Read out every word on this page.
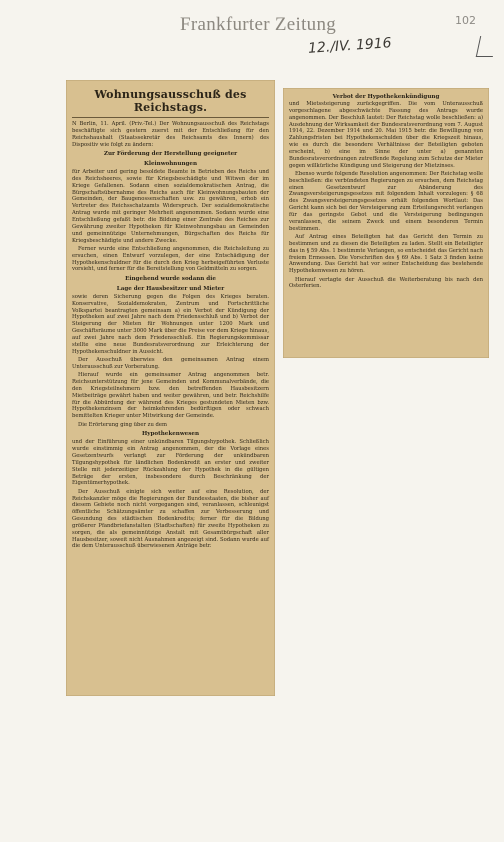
Frankfurter Zeitung
12./IV. 1916
102
Wohnungsausschuß des Reichstags.

N Berlin, 11. April. (Priv.-Tel.) Der Wohnungsausschuß des Reichstags beschäftigte sich gestern zuerst mit der Entschließung für den Reichshaushalt (Staatssekretär des Reichsamts des Innern) des Dispositiv wie folgt zu ändern:

Zur Förderung der Herstellung geeigneter
Kleinwohnungen

für Arbeiter und gering besoldete Beamte in Betrieben des Reichs und des Reichsheeres, sowie für Kriegsbeschädigte und Witwen der im Kriege Gefallenen. Sodann einen sozialdemokratischen Antrag, die Bürgschaftsübernahme des Reichs auch für Kleinwohnungsbauten der Gemeinden, der Baugenossenschaften usw. zu gewähren, erhob ein Vertreter des Reichsschatzamts Widerspruch. Der sozialdemokratische Antrag wurde mit geringer Mehrheit angenommen. Sodann wurde eine Entschließung gefaßt betr. die Bildung einer Zentrale des Reiches zur Gewährung zweiter Hypotheken für Kleinwohnungsbau an Gemeinden und gemeinnützige Unternehmungen, Bürgschaften des Reichs für Kriegsbeschädigte und andere Zwecke.

Ferner wurde eine Entschließung angenommen, die Reichsleitung zu ersuchen, einen Entwurf vorzulegen, der eine Entschädigung der Hypothekenschuldner für die durch den Krieg herbeigeführten Verluste vorsieht, und ferner für die Bereitstellung von Geldmitteln zu sorgen.

Eingehend wurde sodann die
Lage der Hausbesitzer und Mieter

sowie deren Sicherung gegen die Folgen des Krieges beraten. Konservative, Sozialdemokraten, Zentrum und Fortschrittliche Volkspartei beantragten gemeinsam a) ein Verbot der Kündigung der Hypotheken auf zwei Jahre nach dem Friedensschluß und b) Verbot der Steigerung der Mieten für Wohnungen unter 1200 Mark und Geschäftsräume unter 3000 Mark über die Preise vor dem Kriege hinaus, auf zwei Jahre nach dem Friedensschluß. Ein Regierungskommissar stellte eine neue Bundesratsverordnung zur Erleichterung der Hypothekenschuldner in Aussicht.

Der Ausschuß überwies den gemeinsamen Antrag einem Unterausschuß zur Vorberatung.

Hierauf wurde ein gemeinsamer Antrag angenommen betr. Reichsunterstützung für jene Gemeinden und Kommunalverbände, die den Kriegsteilnehmern bzw. den betreffenden Hausbesitzern Mietbeiträge gewährt haben und weiter gewähren, und betr. Reichshilfe für die Abbürdung der während des Krieges gestundeten Mieten bzw. Hypothekenzinsen der heimkehrenden bedürftigen oder schwach bemittelten Krieger unter Mitwirkung der Gemeinde.

Die Erörterung ging über zu dem

Hypothekenwesen

und der Einführung einer unkündbaren Tilgungshypothek. Schließlich wurde einstimmig ein Antrag angenommen, der die Vorlage eines Gesetzentwurfs verlangt zur Förderung der unkündbaren Tilgungshypothek für ländlichen Bodenkredit an erster und zweiter Stelle mit jederzeitiger Rückzahlung der Hypothek in die gültigen Beträge der ersten, insbesondere durch Beschränkung der Eigentümerhypothek.

Der Ausschuß einigte sich weiter auf eine Resolution, der Reichskanzler möge die Regierungen der Bundesstaaten, die bisher auf diesem Gebiete noch nicht vorgegangen sind, veranlassen, schleunigst öffentliche Schätzungsämter zu schaffen zur Verbesserung und Gesundung des städtischen Bodenkredits; ferner für die Bildung größerer Pfandbriefanstalten (Stadtschaften) für zweite Hypotheken zu sorgen, die als gemeinnützige Anstalt mit Gesamtbürgschaft aller Hausbesitzer, soweit nicht Ausnahmen angezeigt sind. Sodann wurde auf die dem Unterausschuß überwiesenen Anträge betr.

Verbot der Hypothekenkündigung

und Mietssteigerung zurückgegriffen. Die vom Unterausschuß vorgeschlagene abgeschwächte Fassung des Antrags wurde angenommen. Der Beschluß lautet: Der Reichstag wolle beschließen: a) Ausdehnung der Wirksamkeit der Bundesratsverordnung vom 7. August 1914, 22. Dezember 1914 und 20. Mai 1915 betr. die Bewilligung von Zahlungsfristen bei Hypothekenschulden über die Kriegszeit hinaus, wie es durch die besondere Verhältnisse der Beteiligten geboten erscheint, b) eine im Sinne der unter a) genannten Bundesratsverordnungen zutreffende Regelung zum Schutze der Mieter gegen willkürliche Kündigung und Steigerung der Mietzinses.

Ebenso wurde folgende Resolution angenommen: Der Reichstag wolle beschließen: die verbündeten Regierungen zu ersuchen, dem Reichstag einen Gesetzentwurf zur Abänderung des Zwangsversteigerungsgesetzes mit folgendem Inhalt vorzulegen: § 68 des Zwangsversteigerungsgesetzes erhält folgenden Wortlaut: Das Gericht kann sich bei der Versteigerung zum Erteilungsrecht verlangen für das geringste Gebot und die Versteigerung bedingungen veranlassen, die seinem Zweck und einem besonderen Termin bestimmen.

Auf Antrag eines Beteiligten hat das Gericht den Termin zu bestimmen und zu diesen die Beteiligten zu laden. Stellt ein Beteiligter das in § 59 Abs. 1 bestimmte Verlangen, so entscheidet das Gericht nach freiem Ermessen. Die Vorschriften des § 69 Abs. 1 Satz 3 finden keine Anwendung. Das Gericht hat vor seiner Entscheidung das bestehende Hypothekenwesen zu hören.

Hierauf vertagte der Ausschuß die Weiterberatung bis nach den Osterferien.
